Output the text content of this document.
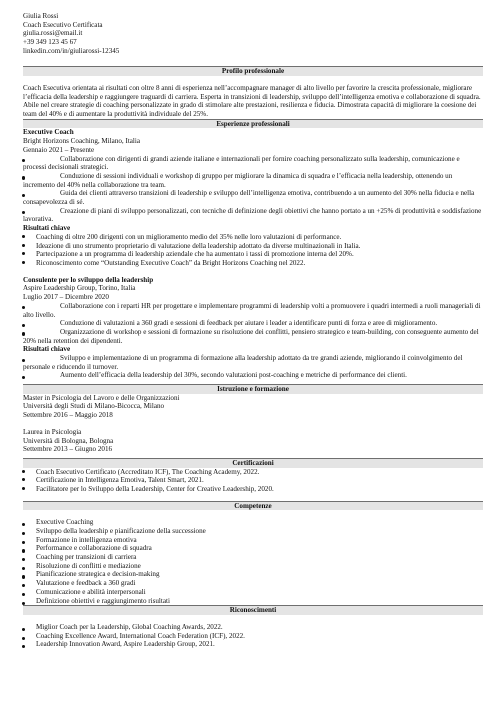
Giulia Rossi
Coach Esecutivo Certificata
giulia.rossi@email.it
+39 349 123 45 67
linkedin.com/in/giuliarossi-12345
Profilo professionale

Coach Esecutiva orientata ai risultati con oltre 8 anni di esperienza nell’accompagnare manager di alto livello per favorire la crescita professionale, migliorare l’efficacia della leadership e raggiungere traguardi di carriera. Esperta in transizioni di leadership, sviluppo dell’intelligenza emotiva e collaborazione di squadra. Abile nel creare strategie di coaching personalizzate in grado di stimolare alte prestazioni, resilienza e fiducia. Dimostrata capacità di migliorare la coesione dei team del 40% e di aumentare la produttività individuale del 25%.

Esperienze professionali
Executive Coach
Bright Horizons Coaching, Milano, Italia
Gennaio 2021 – Presente
Collaborazione con dirigenti di grandi aziende italiane e internazionali per fornire coaching personalizzato sulla leadership, comunicazione e processi decisionali strategici.
Conduzione di sessioni individuali e workshop di gruppo per migliorare la dinamica di squadra e l’efficacia nella leadership, ottenendo un incremento del 40% nella collaborazione tra team.
Guida dei clienti attraverso transizioni di leadership e sviluppo dell’intelligenza emotiva, contribuendo a un aumento del 30% nella fiducia e nella consapevolezza di sé.
Creazione di piani di sviluppo personalizzati, con tecniche di definizione degli obiettivi che hanno portato a un +25% di produttività e soddisfazione lavorativa.
Risultati chiave
Coaching di oltre 200 dirigenti con un miglioramento medio del 35% nelle loro valutazioni di performance.
Ideazione di uno strumento proprietario di valutazione della leadership adottato da diverse multinazionali in Italia.
Partecipazione a un programma di leadership aziendale che ha aumentato i tassi di promozione interna del 20%.
Riconoscimento come “Outstanding Executive Coach” da Bright Horizons Coaching nel 2022.
Consulente per lo sviluppo della leadership
Aspire Leadership Group, Torino, Italia
Luglio 2017 – Dicembre 2020
Collaborazione con i reparti HR per progettare e implementare programmi di leadership volti a promuovere i quadri intermedi a ruoli manageriali di alto livello.
Conduzione di valutazioni a 360 gradi e sessioni di feedback per aiutare i leader a identificare punti di forza e aree di miglioramento.
Organizzazione di workshop e sessioni di formazione su risoluzione dei conflitti, pensiero strategico e team-building, con conseguente aumento del 20% nella retention dei dipendenti.
Risultati chiave
Sviluppo e implementazione di un programma di formazione alla leadership adottato da tre grandi aziende, migliorando il coinvolgimento del personale e riducendo il turnover.
Aumento dell’efficacia della leadership del 30%, secondo valutazioni post-coaching e metriche di performance dei clienti.
Istruzione e formazione
Master in Psicologia del Lavoro e delle Organizzazioni
Università degli Studi di Milano-Bicocca, Milano
Settembre 2016 – Maggio 2018
Laurea in Psicologia
Università di Bologna, Bologna
Settembre 2013 – Giugno 2016
Certificazioni
Coach Esecutivo Certificato (Accreditato ICF), The Coaching Academy, 2022.
Certificazione in Intelligenza Emotiva, Talent Smart, 2021.
Facilitatore per lo Sviluppo della Leadership, Center for Creative Leadership, 2020.
Competenze
Executive Coaching
Sviluppo della leadership e pianificazione della successione
Formazione in intelligenza emotiva
Performance e collaborazione di squadra
Coaching per transizioni di carriera
Risoluzione di conflitti e mediazione
Pianificazione strategica e decision-making
Valutazione e feedback a 360 gradi
Comunicazione e abilità interpersonali
Definizione obiettivi e raggiungimento risultati
Riconoscimenti
Miglior Coach per la Leadership, Global Coaching Awards, 2022.
Coaching Excellence Award, International Coach Federation (ICF), 2022.
Leadership Innovation Award, Aspire Leadership Group, 2021.
